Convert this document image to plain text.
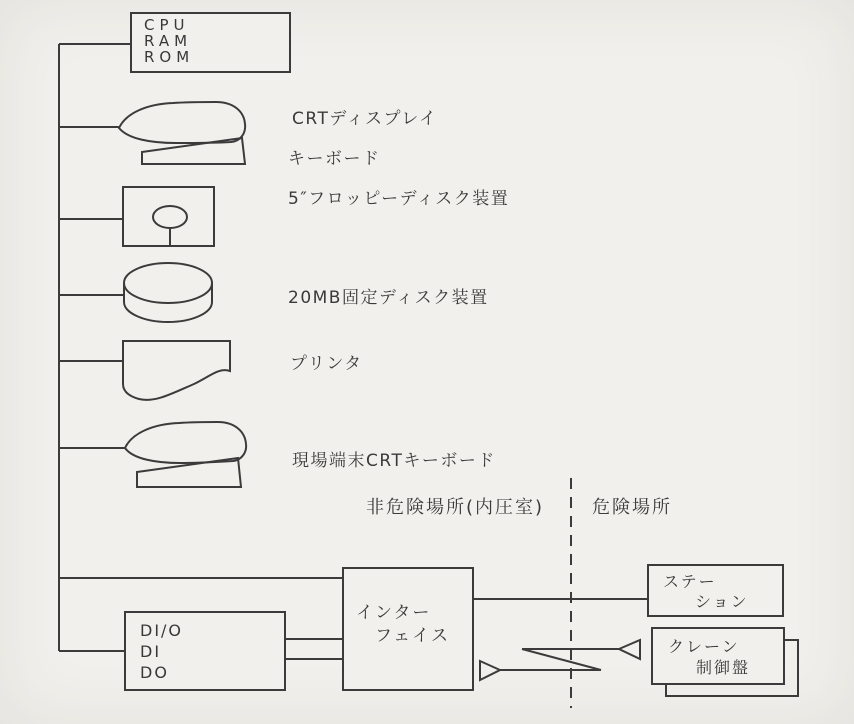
CPU
RAM
ROM
CRTディスプレイ
キーボード
5″フロッピーディスク装置
20MB固定ディスク装置
プリンタ
現場端末CRTキーボード
非危険場所(内圧室)	危険場所
DI/O
DI
DO
インター
フェイス
ステー
ション
クレーン
制御盤
